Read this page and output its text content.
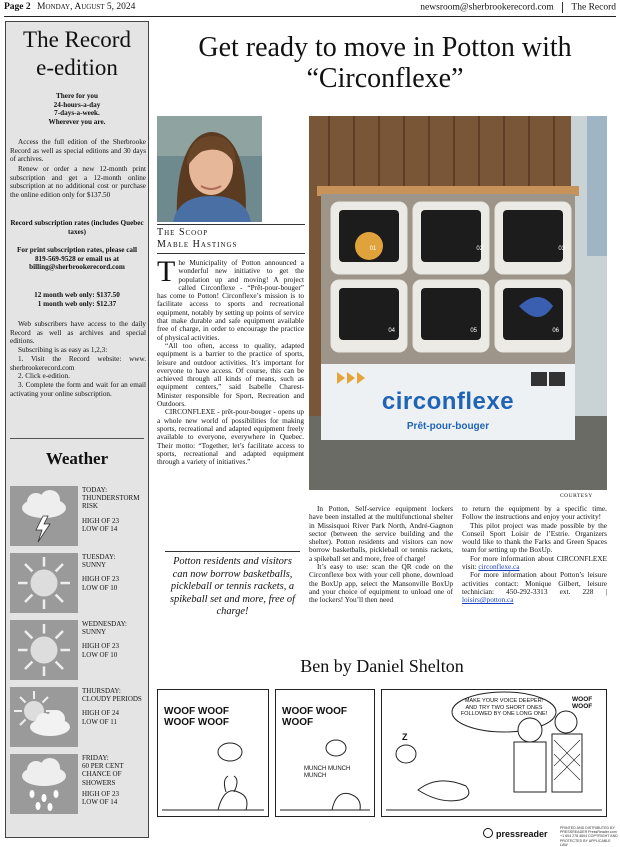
Page 2 Monday, August 5, 2024	newsroom@sherbrookerecord.com The Record
The Record
e-edition
There for you
24-hours-a-day
7-days-a-week.
Wherever you are.
Access the full edition of the Sherbrooke Record as well as special editions and 30 days of archives.
Renew or order a new 12-month print subscription and get a 12-month online subscription at no additional cost or purchase the online edition only for $137.50
Record subscription rates (includes Quebec taxes)
For print subscription rates, please call 819-569-9528 or email us at billing@sherbrookerecord.com
12 month web only: $137.50
1 month web only: $12.37
Web subscribers have access to the daily Record as well as archives and special editions.
Subscribing is as easy as 1,2,3:
1. Visit the Record website: www. sherbrookerecord.com
2. Click e-edition.
3. Complete the form and wait for an email activating your online subscription.
Weather
TODAY:
THUNDERSTORM RISK
HIGH OF 23
LOW OF 14
TUESDAY:
SUNNY
HIGH OF 23
LOW OF 10
WEDNESDAY:
SUNNY
HIGH OF 23
LOW OF 10
THURSDAY:
CLOUDY PERIODS
HIGH OF 24
LOW OF 11
FRIDAY:
60 PER CENT CHANCE OF SHOWERS
HIGH OF 23
LOW OF 14
Get ready to move in Potton with
“Circonflexe”
The Scoop
Mable Hastings

The Municipality of Potton announced a wonderful new initiative to get the population up and moving! A project called Circonflexe - “Prêt-pour-bouger” has come to Potton! Circonflexe’s mission is to facilitate access to sports and recreational equipment, notably by setting up points of service that make durable and safe equipment available free of charge, in order to encourage the practice of physical activities.

“All too often, access to quality, adapted equipment is a barrier to the practice of sports, leisure and outdoor activities. It’s important for everyone to have access. Of course, this can be achieved through all kinds of means, such as equipment centers,” said Isabelle Charest-Minister responsible for Sport, Recreation and Outdoors.

CIRCONFLEXE - prêt-pour-bouger - opens up a whole new world of possibilities for making sports, recreational and adapted equipment freely available to everyone, everywhere in Quebec. Their motto: “Together, let’s facilitate access to sports, recreational and adapted equipment through a variety of initiatives.”

Potton residents and visitors can now borrow basketballs, pickleball or tennis rackets, a spikeball set and more, free of charge!
01	02	03
04	05	06
circonflexe
Prêt-pour-bouger
COURTESY

In Potton, Self-service equipment lockers have been installed at the multifunctional shelter in Missisquoi River Park North, André-Gagnon sector (between the service building and the shelter). Potton residents and visitors can now borrow basketballs, pickleball or tennis rackets, a spikeball set and more, free of charge!

It’s easy to use: scan the QR code on the Circonflexe box with your cell phone, download the BoxUp app, select the Mansonville BoxUp and your choice of equipment to unload one of the lockers! You’ll then need

to return the equipment by a specific time. Follow the instructions and enjoy your activity!

This pilot project was made possible by the Conseil Sport Loisir de l’Estrie. Organizers would like to thank the Farks and Green Spaces team for setting up the BoxUp.

For more information about CIRCONFLEXE visit: circonflexe.ca

For more information about Potton’s leisure activities contact: Monique Gilbert, leisure technician: 450-292-3313 ext. 228 | loisirs@potton.ca

Ben by Daniel Shelton
WOOF WOOF WOOF WOOF
WOOF WOOF WOOF
MUNCH MUNCH MUNCH
MAKE YOUR VOICE DEEPER! AND TRY TWO SHORT ONES FOLLOWED BY ONE LONG ONE!
WOOF WOOF
Z
pressreader
PRINTED AND DISTRIBUTED BY PRESSREADER PressReader.com +1 604 278 4604 COPYRIGHT AND PROTECTED BY APPLICABLE LAW
